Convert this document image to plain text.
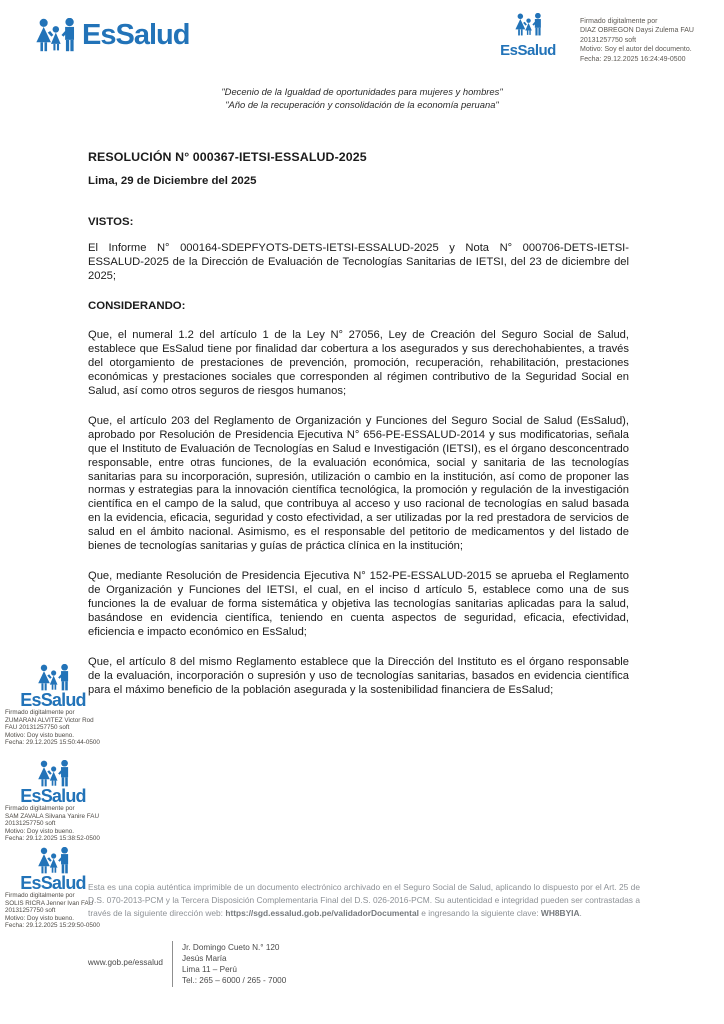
EsSalud	EsSalud
Firmado digitalmente por
DIAZ OBREGON Daysi Zulema FAU
20131257750 soft
Motivo: Soy el autor del documento.
Fecha: 29.12.2025 16:24:49-0500
"Decenio de la Igualdad de oportunidades para mujeres y hombres"
"Año de la recuperación y consolidación de la economía peruana"
EsSalud
Firmado digitalmente por
ZUMARAN ALVITEZ Victor Rod
FAU 20131257750 soft
Motivo: Doy visto bueno.
Fecha: 29.12.2025 15:50:44-0500
EsSalud
Firmado digitalmente por
SAM ZAVALA Silvana Yanire FAU
20131257750 soft
Motivo: Doy visto bueno.
Fecha: 29.12.2025 15:38:52-0500
EsSalud
Firmado digitalmente por
SOLIS RICRA Jenner Ivan FAU
20131257750 soft
Motivo: Doy visto bueno.
Fecha: 29.12.2025 15:29:50-0500
RESOLUCIÓN N° 000367-IETSI-ESSALUD-2025
Lima, 29 de Diciembre del 2025
VISTOS:

El Informe N° 000164-SDEPFYOTS-DETS-IETSI-ESSALUD-2025 y Nota N° 000706-DETS-IETSI-ESSALUD-2025 de la Dirección de Evaluación de Tecnologías Sanitarias de IETSI, del 23 de diciembre del 2025;

CONSIDERANDO:

Que, el numeral 1.2 del artículo 1 de la Ley N° 27056, Ley de Creación del Seguro Social de Salud, establece que EsSalud tiene por finalidad dar cobertura a los asegurados y sus derechohabientes, a través del otorgamiento de prestaciones de prevención, promoción, recuperación, rehabilitación, prestaciones económicas y prestaciones sociales que corresponden al régimen contributivo de la Seguridad Social en Salud, así como otros seguros de riesgos humanos;

Que, el artículo 203 del Reglamento de Organización y Funciones del Seguro Social de Salud (EsSalud), aprobado por Resolución de Presidencia Ejecutiva N° 656-PE-ESSALUD-2014 y sus modificatorias, señala que el Instituto de Evaluación de Tecnologías en Salud e Investigación (IETSI), es el órgano desconcentrado responsable, entre otras funciones, de la evaluación económica, social y sanitaria de las tecnologías sanitarias para su incorporación, supresión, utilización o cambio en la institución, así como de proponer las normas y estrategias para la innovación científica tecnológica, la promoción y regulación de la investigación científica en el campo de la salud, que contribuya al acceso y uso racional de tecnologías en salud basada en la evidencia, eficacia, seguridad y costo efectividad, a ser utilizadas por la red prestadora de servicios de salud en el ámbito nacional. Asimismo, es el responsable del petitorio de medicamentos y del listado de bienes de tecnologías sanitarias y guías de práctica clínica en la institución;

Que, mediante Resolución de Presidencia Ejecutiva N° 152-PE-ESSALUD-2015 se aprueba el Reglamento de Organización y Funciones del IETSI, el cual, en el inciso d artículo 5, establece como una de sus funciones la de evaluar de forma sistemática y objetiva las tecnologías sanitarias aplicadas para la salud, basándose en evidencia científica, teniendo en cuenta aspectos de seguridad, eficacia, efectividad, eficiencia e impacto económico en EsSalud;

Que, el artículo 8 del mismo Reglamento establece que la Dirección del Instituto es el órgano responsable de la evaluación, incorporación o supresión y uso de tecnologías sanitarias, basados en evidencia científica para el máximo beneficio de la población asegurada y la sostenibilidad financiera de EsSalud;

Esta es una copia auténtica imprimible de un documento electrónico archivado en el Seguro Social de Salud, aplicando lo dispuesto por el Art. 25 de D.S. 070-2013-PCM y la Tercera Disposición Complementaria Final del D.S. 026-2016-PCM. Su autenticidad e integridad pueden ser contrastadas a través de la siguiente dirección web: https://sgd.essalud.gob.pe/validadorDocumental e ingresando la siguiente clave: WH8BYIA.
www.gob.pe/essalud
Jr. Domingo Cueto N.° 120
Jesús María
Lima 11 – Perú
Tel.: 265 – 6000 / 265 - 7000
